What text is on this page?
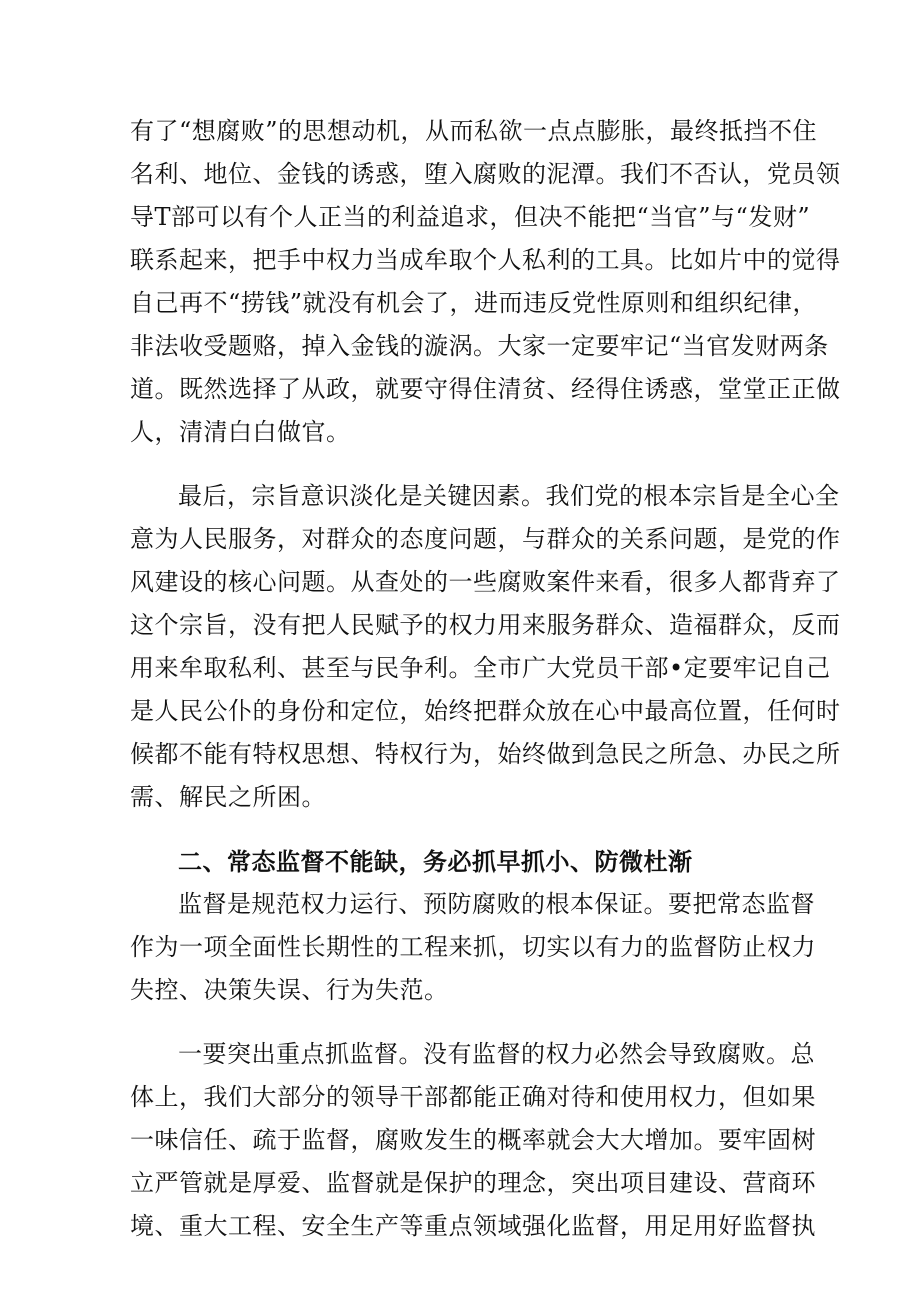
有了“想腐败”的思想动机，从而私欲一点点膨胀，最终抵挡不住
名利、地位、金钱的诱惑，堕入腐败的泥潭。我们不否认，党员领
导T部可以有个人正当的利益追求，但决不能把“当官”与“发财”
联系起来，把手中权力当成牟取个人私利的工具。比如片中的觉得
自己再不“捞钱”就没有机会了，进而违反党性原则和组织纪律，
非法收受题赂，掉入金钱的漩涡。大家一定要牢记“当官发财两条
道。既然选择了从政，就要守得住清贫、经得住诱惑，堂堂正正做
人，清清白白做官。
最后，宗旨意识淡化是关键因素。我们党的根本宗旨是全心全
意为人民服务，对群众的态度问题，与群众的关系问题，是党的作
风建设的核心问题。从查处的一些腐败案件来看，很多人都背弃了
这个宗旨，没有把人民赋予的权力用来服务群众、造福群众，反而
用来牟取私利、甚至与民争利。全市广大党员干部•定要牢记自己
是人民公仆的身份和定位，始终把群众放在心中最高位置，任何时
候都不能有特权思想、特权行为，始终做到急民之所急、办民之所
需、解民之所困。
二、常态监督不能缺，务必抓早抓小、防微杜渐
监督是规范权力运行、预防腐败的根本保证。要把常态监督
作为一项全面性长期性的工程来抓，切实以有力的监督防止权力
失控、决策失误、行为失范。
一要突出重点抓监督。没有监督的权力必然会导致腐败。总
体上，我们大部分的领导干部都能正确对待和使用权力，但如果
一味信任、疏于监督，腐败发生的概率就会大大增加。要牢固树
立严管就是厚爱、监督就是保护的理念，突出项目建设、营商环
境、重大工程、安全生产等重点领域强化监督，用足用好监督执
